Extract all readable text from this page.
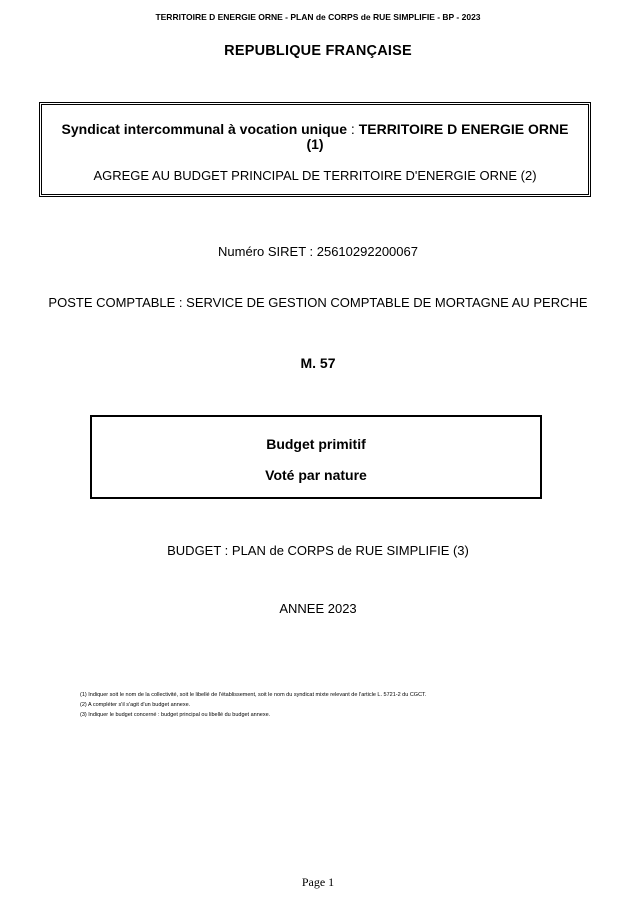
TERRITOIRE D ENERGIE ORNE - PLAN de CORPS de RUE SIMPLIFIE - BP - 2023
REPUBLIQUE FRANÇAISE
Syndicat intercommunal à vocation unique : TERRITOIRE D ENERGIE ORNE (1)
AGREGE AU BUDGET PRINCIPAL DE TERRITOIRE D'ENERGIE ORNE (2)
Numéro SIRET : 25610292200067
POSTE COMPTABLE : SERVICE DE GESTION COMPTABLE DE MORTAGNE AU PERCHE
M. 57
Budget primitif
Voté par nature
BUDGET : PLAN de CORPS de RUE SIMPLIFIE (3)
ANNEE 2023
(1) Indiquer soit le nom de la collectivité, soit le libellé de l'établissement, soit le nom du syndicat mixte relevant de l'article L. 5721-2 du CGCT.
(2) A compléter s'il s'agit d'un budget annexe.
(3) Indiquer le budget concerné : budget principal ou libellé du budget annexe.
Page 1
